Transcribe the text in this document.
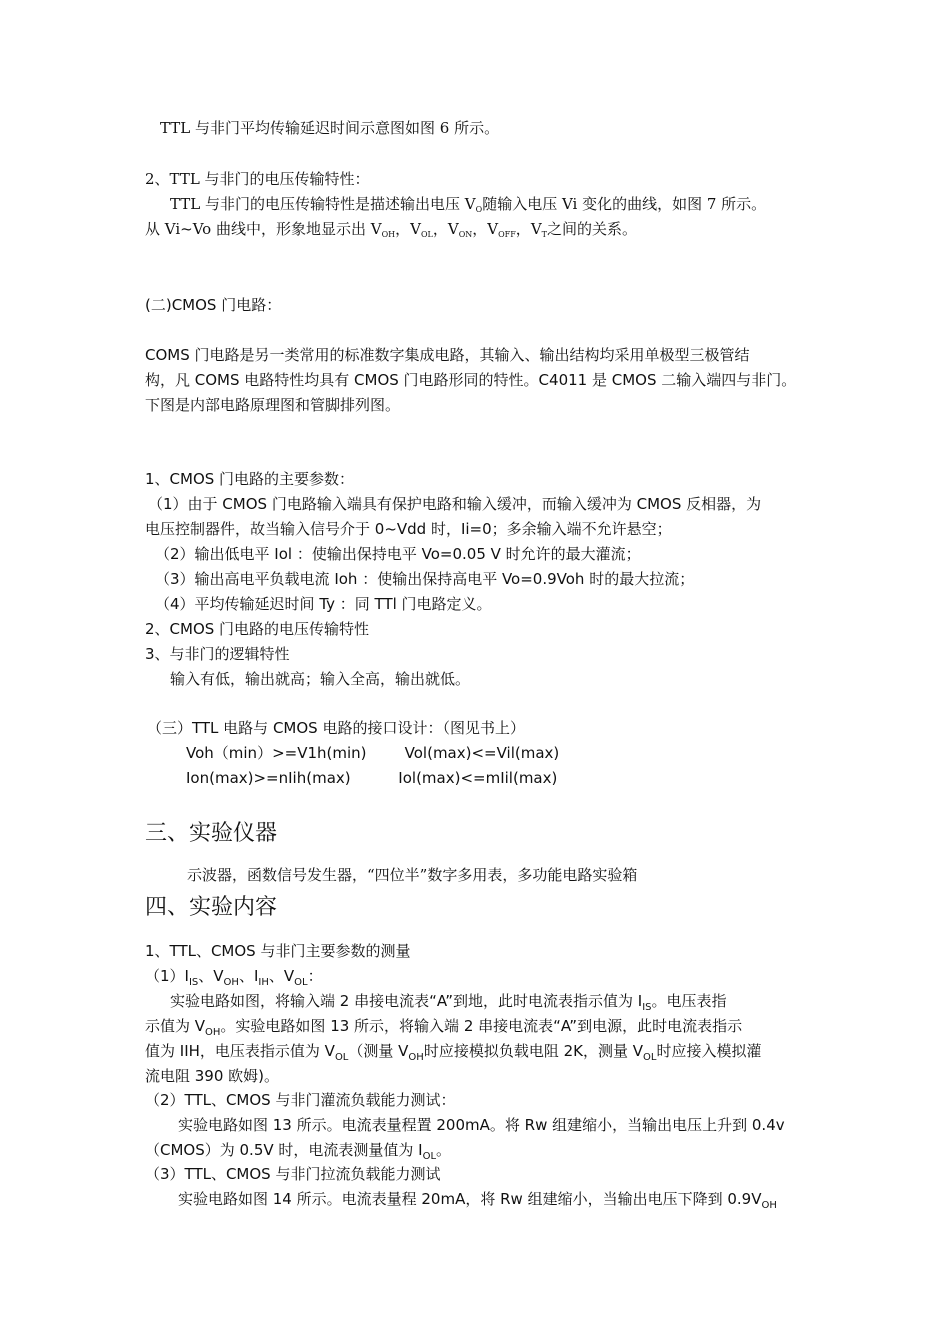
TTL 与非门平均传输延迟时间示意图如图 6 所示。
2、TTL 与非门的电压传输特性：
TTL 与非门的电压传输特性是描述输出电压 $V_O$随输入电压 Vi 变化的曲线，如图 7 所示。
从 Vi~Vo 曲线中，形象地显示出 $V_{OH}$，$V_{OL}$，$V_{ON}$，$V_{OFF}$，$V_T$之间的关系。
(二)CMOS 门电路：
COMS 门电路是另一类常用的标准数字集成电路，其输入、输出结构均采用单极型三极管结
构，凡 COMS 电路特性均具有 CMOS 门电路形同的特性。C4011 是 CMOS 二输入端四与非门。
下图是内部电路原理图和管脚排列图。
1、CMOS 门电路的主要参数：
（1）由于 CMOS 门电路输入端具有保护电路和输入缓冲，而输入缓冲为 CMOS 反相器，为
电压控制器件，故当输入信号介于 0~Vdd 时，Ii=0；多余输入端不允许悬空；
（2）输出低电平 Iol ：使输出保持电平 Vo=0.05 V 时允许的最大灌流；
（3）输出高电平负载电流 Ioh ：使输出保持高电平 Vo=0.9Voh 时的最大拉流；
（4）平均传输延迟时间 Ty ：同 TTl 门电路定义。
2、CMOS 门电路的电压传输特性
3、与非门的逻辑特性
输入有低，输出就高；输入全高，输出就低。
（三）TTL 电路与 CMOS 电路的接口设计：（图见书上）
Voh（min）>=V1h(min)        Vol(max)<=Vil(max)
Ion(max)>=nIih(max)          Iol(max)<=mIil(max)
三、实验仪器
示波器，函数信号发生器，“四位半”数字多用表，多功能电路实验箱
四、实验内容
1、TTL、CMOS 与非门主要参数的测量
$(1)I_{IS}$、$V_{OH}$、$I_{IH}$、$V_{OL}$：
实验电路如图，将输入端 2 串接电流表“A”到地，此时电流表指示值为 $I_{IS}$。电压表指
示值为 $V_{OH}$。实验电路如图 13 所示，将输入端 2 串接电流表“A”到电源，此时电流表指示
值为 IIH，电压表指示值为 $V_{OL}$（测量 $V_{OH}$时应接模拟负载电阻 2K，测量 $V_{OL}$时应接入模拟灌
流电阻 390 欧姆)。
（2）TTL、CMOS 与非门灌流负载能力测试：
实验电路如图 13 所示。电流表量程置 200mA。将 Rw 组建缩小，当输出电压上升到 0.4v
（CMOS）为 0.5V 时，电流表测量值为 $I_{OL}$。
（3）TTL、CMOS 与非门拉流负载能力测试
实验电路如图 14 所示。电流表量程 20mA，将 Rw 组建缩小，当输出电压下降到 $0.9V_{OH}$
